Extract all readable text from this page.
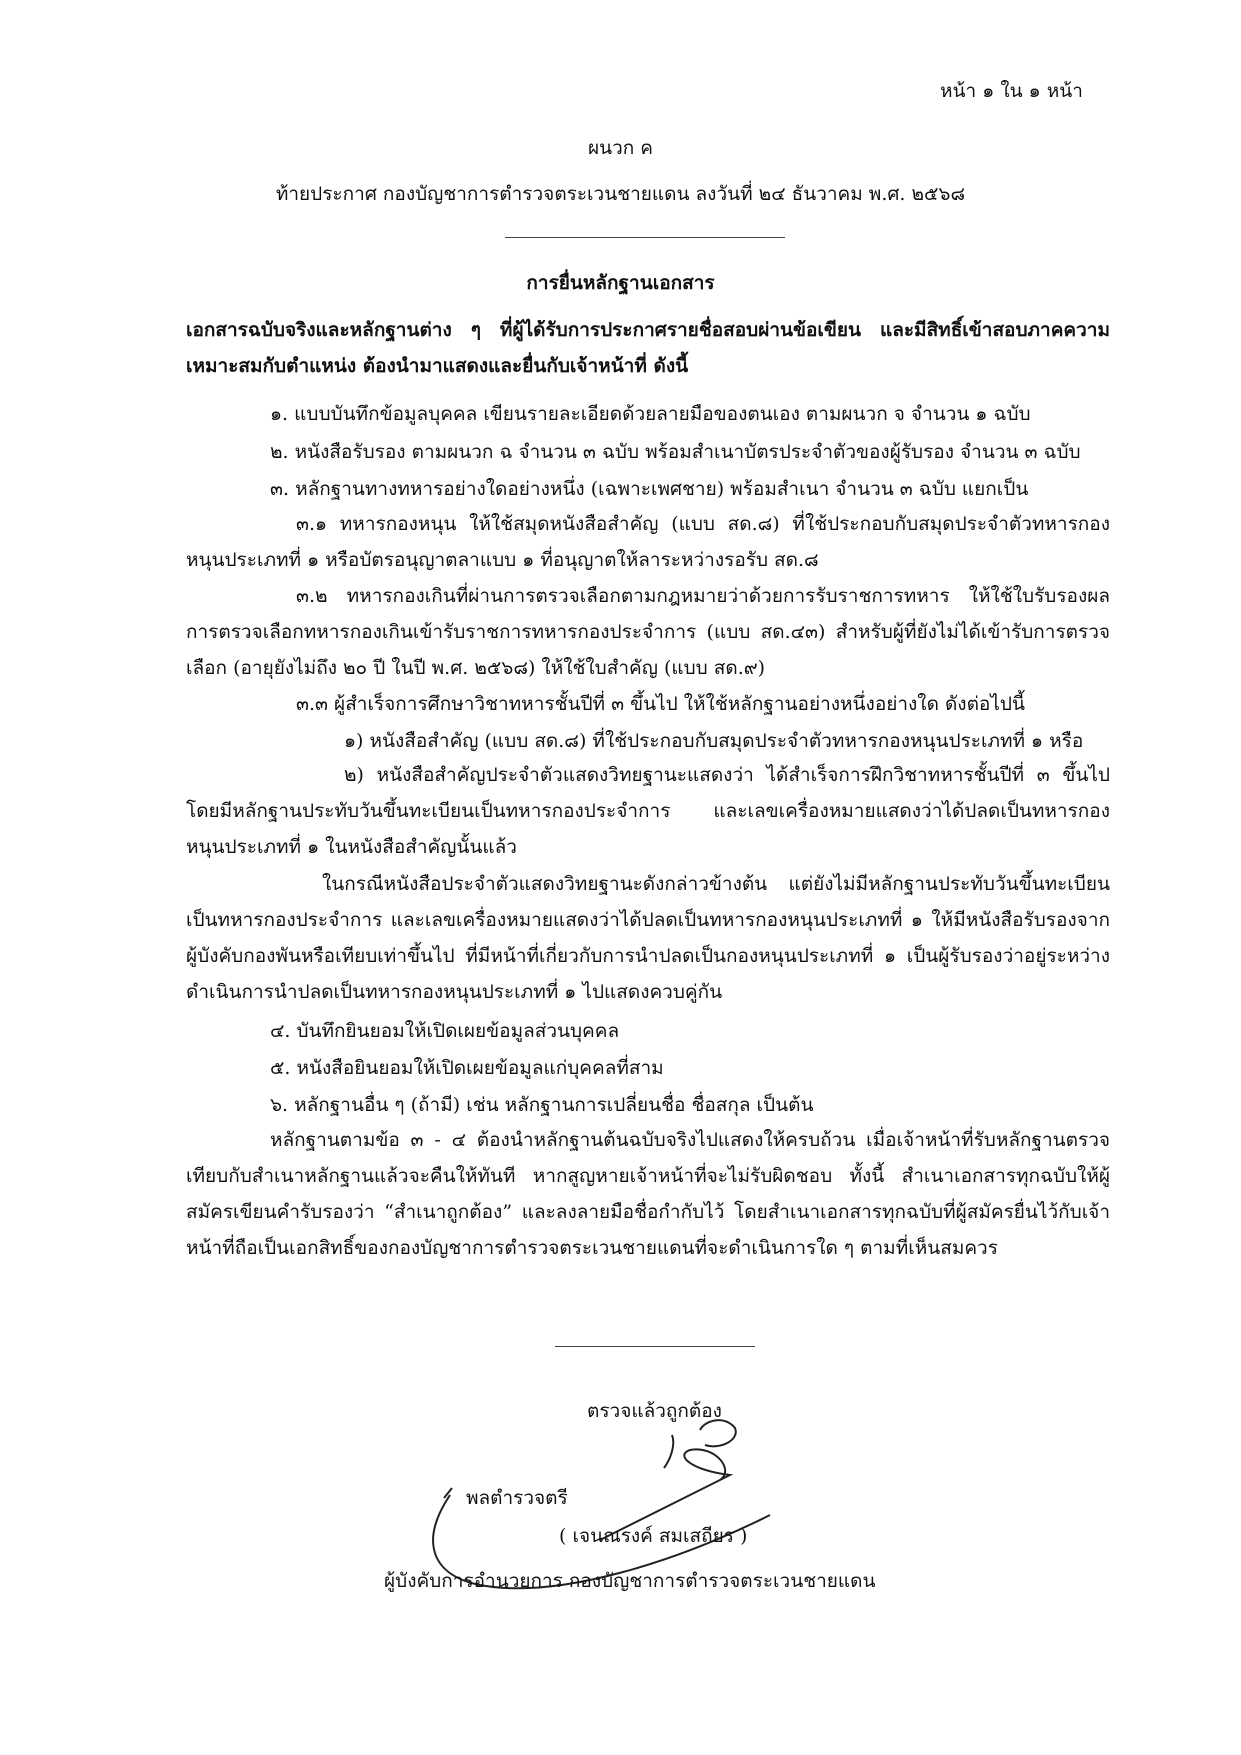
หน้า ๑ ใน ๑ หน้า
ผนวก ค
ท้ายประกาศ กองบัญชาการตำรวจตระเวนชายแดน ลงวันที่ ๒๔ ธันวาคม พ.ศ. ๒๕๖๘
การยื่นหลักฐานเอกสาร
เอกสารฉบับจริงและหลักฐานต่าง ๆ ที่ผู้ได้รับการประกาศรายชื่อสอบผ่านข้อเขียน และมีสิทธิ์เข้าสอบภาคความเหมาะสมกับตำแหน่ง ต้องนำมาแสดงและยื่นกับเจ้าหน้าที่ ดังนี้
๑. แบบบันทึกข้อมูลบุคคล เขียนรายละเอียดด้วยลายมือของตนเอง ตามผนวก จ จำนวน ๑ ฉบับ
๒. หนังสือรับรอง ตามผนวก ฉ จำนวน ๓ ฉบับ พร้อมสำเนาบัตรประจำตัวของผู้รับรอง จำนวน ๓ ฉบับ
๓. หลักฐานทางทหารอย่างใดอย่างหนึ่ง (เฉพาะเพศชาย) พร้อมสำเนา จำนวน ๓ ฉบับ แยกเป็น
๓.๑ ทหารกองหนุน ให้ใช้สมุดหนังสือสำคัญ (แบบ สด.๘) ที่ใช้ประกอบกับสมุดประจำตัวทหารกองหนุนประเภทที่ ๑ หรือบัตรอนุญาตลาแบบ ๑ ที่อนุญาตให้ลาระหว่างรอรับ สด.๘
๓.๒ ทหารกองเกินที่ผ่านการตรวจเลือกตามกฎหมายว่าด้วยการรับราชการทหาร ให้ใช้ใบรับรองผลการตรวจเลือกทหารกองเกินเข้ารับราชการทหารกองประจำการ (แบบ สด.๔๓) สำหรับผู้ที่ยังไม่ได้เข้ารับการตรวจเลือก (อายุยังไม่ถึง ๒๐ ปี ในปี พ.ศ. ๒๕๖๘) ให้ใช้ใบสำคัญ (แบบ สด.๙)
๓.๓ ผู้สำเร็จการศึกษาวิชาทหารชั้นปีที่ ๓ ขึ้นไป ให้ใช้หลักฐานอย่างหนึ่งอย่างใด ดังต่อไปนี้
๑) หนังสือสำคัญ (แบบ สด.๘) ที่ใช้ประกอบกับสมุดประจำตัวทหารกองหนุนประเภทที่ ๑ หรือ
๒) หนังสือสำคัญประจำตัวแสดงวิทยฐานะแสดงว่า ได้สำเร็จการฝึกวิชาทหารชั้นปีที่ ๓ ขึ้นไป โดยมีหลักฐานประทับวันขึ้นทะเบียนเป็นทหารกองประจำการ และเลขเครื่องหมายแสดงว่าได้ปลดเป็นทหารกองหนุนประเภทที่ ๑ ในหนังสือสำคัญนั้นแล้ว
ในกรณีหนังสือประจำตัวแสดงวิทยฐานะดังกล่าวข้างต้น แต่ยังไม่มีหลักฐานประทับวันขึ้นทะเบียนเป็นทหารกองประจำการ และเลขเครื่องหมายแสดงว่าได้ปลดเป็นทหารกองหนุนประเภทที่ ๑ ให้มีหนังสือรับรองจากผู้บังคับกองพันหรือเทียบเท่าขึ้นไป ที่มีหน้าที่เกี่ยวกับการนำปลดเป็นกองหนุนประเภทที่ ๑ เป็นผู้รับรองว่าอยู่ระหว่างดำเนินการนำปลดเป็นทหารกองหนุนประเภทที่ ๑ ไปแสดงควบคู่กัน
๔. บันทึกยินยอมให้เปิดเผยข้อมูลส่วนบุคคล
๕. หนังสือยินยอมให้เปิดเผยข้อมูลแก่บุคคลที่สาม
๖. หลักฐานอื่น ๆ (ถ้ามี) เช่น หลักฐานการเปลี่ยนชื่อ ชื่อสกุล เป็นต้น
หลักฐานตามข้อ ๓ - ๔ ต้องนำหลักฐานต้นฉบับจริงไปแสดงให้ครบถ้วน เมื่อเจ้าหน้าที่รับหลักฐานตรวจเทียบกับสำเนาหลักฐานแล้วจะคืนให้ทันที หากสูญหายเจ้าหน้าที่จะไม่รับผิดชอบ ทั้งนี้ สำเนาเอกสารทุกฉบับให้ผู้สมัครเขียนคำรับรองว่า “สำเนาถูกต้อง” และลงลายมือชื่อกำกับไว้ โดยสำเนาเอกสารทุกฉบับที่ผู้สมัครยื่นไว้กับเจ้าหน้าที่ถือเป็นเอกสิทธิ์ของกองบัญชาการตำรวจตระเวนชายแดนที่จะดำเนินการใด ๆ ตามที่เห็นสมควร
ตรวจแล้วถูกต้อง
พลตำรวจตรี
( เจนณรงค์ สมเสถียร )
ผู้บังคับการอำนวยการ กองบัญชาการตำรวจตระเวนชายแดน
